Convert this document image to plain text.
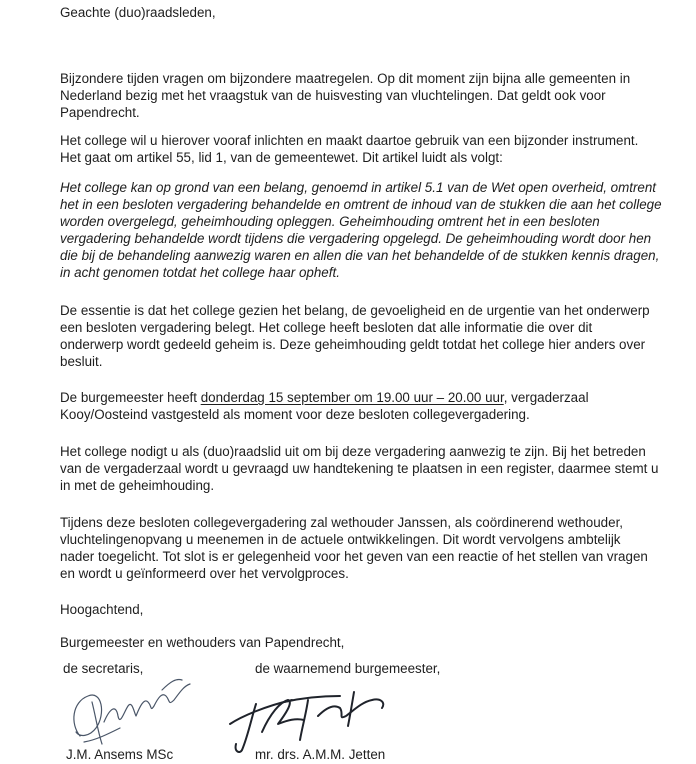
Geachte (duo)raadsleden,
Bijzondere tijden vragen om bijzondere maatregelen. Op dit moment zijn bijna alle gemeenten in
Nederland bezig met het vraagstuk van de huisvesting van vluchtelingen. Dat geldt ook voor
Papendrecht.
Het college wil u hierover vooraf inlichten en maakt daartoe gebruik van een bijzonder instrument.
Het gaat om artikel 55, lid 1, van de gemeentewet. Dit artikel luidt als volgt:
Het college kan op grond van een belang, genoemd in artikel 5.1 van de Wet open overheid, omtrent
het in een besloten vergadering behandelde en omtrent de inhoud van de stukken die aan het college
worden overgelegd, geheimhouding opleggen. Geheimhouding omtrent het in een besloten
vergadering behandelde wordt tijdens die vergadering opgelegd. De geheimhouding wordt door hen
die bij de behandeling aanwezig waren en allen die van het behandelde of de stukken kennis dragen,
in acht genomen totdat het college haar opheft.
De essentie is dat het college gezien het belang, de gevoeligheid en de urgentie van het onderwerp
een besloten vergadering belegt. Het college heeft besloten dat alle informatie die over dit
onderwerp wordt gedeeld geheim is. Deze geheimhouding geldt totdat het college hier anders over
besluit.
De burgemeester heeft donderdag 15 september om 19.00 uur – 20.00 uur, vergaderzaal
Kooy/Oosteind vastgesteld als moment voor deze besloten collegevergadering.
Het college nodigt u als (duo)raadslid uit om bij deze vergadering aanwezig te zijn. Bij het betreden
van de vergaderzaal wordt u gevraagd uw handtekening te plaatsen in een register, daarmee stemt u
in met de geheimhouding.
Tijdens deze besloten collegevergadering zal wethouder Janssen, als coördinerend wethouder,
vluchtelingenopvang u meenemen in de actuele ontwikkelingen. Dit wordt vervolgens ambtelijk
nader toegelicht. Tot slot is er gelegenheid voor het geven van een reactie of het stellen van vragen
en wordt u geïnformeerd over het vervolgproces.
Hoogachtend,
Burgemeester en wethouders van Papendrecht,
de secretaris,	de waarnemend burgemeester,
J.M. Ansems MSc	mr. drs. A.M.M. Jetten
